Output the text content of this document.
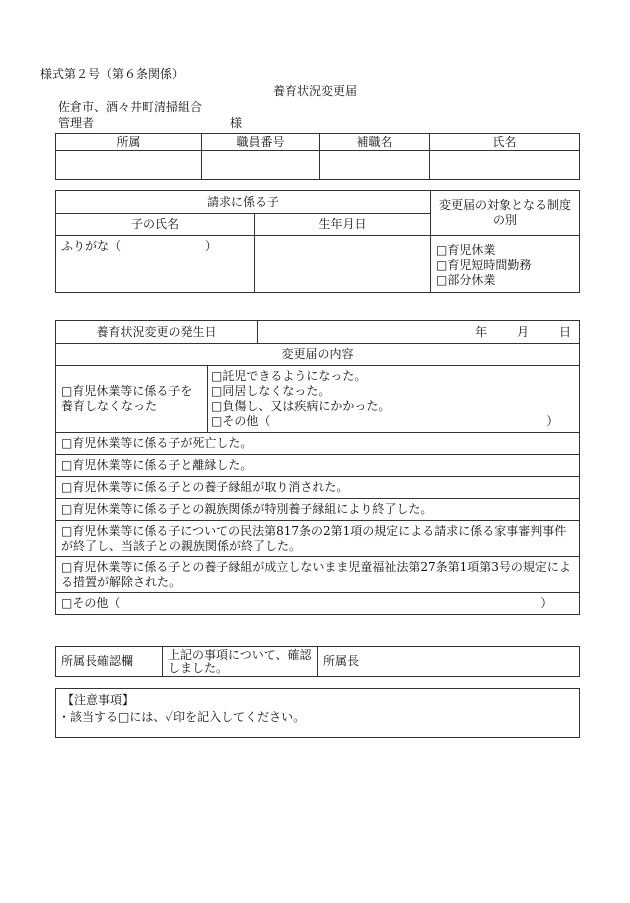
様式第２号（第６条関係）
養育状況変更届
佐倉市、酒々井町清掃組合
管理者	様
所属	職員番号	補職名	氏名

請求に係る子		変更届の対象となる制度の別
子の氏名	生年月日	
ふりがな（　　　　　　　）		□育児休業
□育児短時間勤務
□部分休業
養育状況変更の発生日		年 月 日
変更届の内容		
□育児休業等に係る子を養育しなくなった	□託児できるようになった。
□同居しなくなった。
□負傷し、又は疾病にかかった。
□その他（　　　　　　　　　　　　　　　　　　　　　　　）	

□育児休業等に係る子が死亡した。		
□育児休業等に係る子と離縁した。		
□育児休業等に係る子との養子縁組が取り消された。		
□育児休業等に係る子との親族関係が特別養子縁組により終了した。		
□育児休業等に係る子についての民法第817条の2第1項の規定による請求に係る家事審判事件が終了し、当該子との親族関係が終了した。		
□育児休業等に係る子との養子縁組が成立しないまま児童福祉法第27条第1項第3号の規定による措置が解除された。		
□その他（　　　　　　　　　　　　　　　　　　　　　　　　　　　　　　　　　　　）		
所属長確認欄	上記の事項について、確認しました。	所属長
【注意事項】
・該当する□には、✓印を記入してください。
